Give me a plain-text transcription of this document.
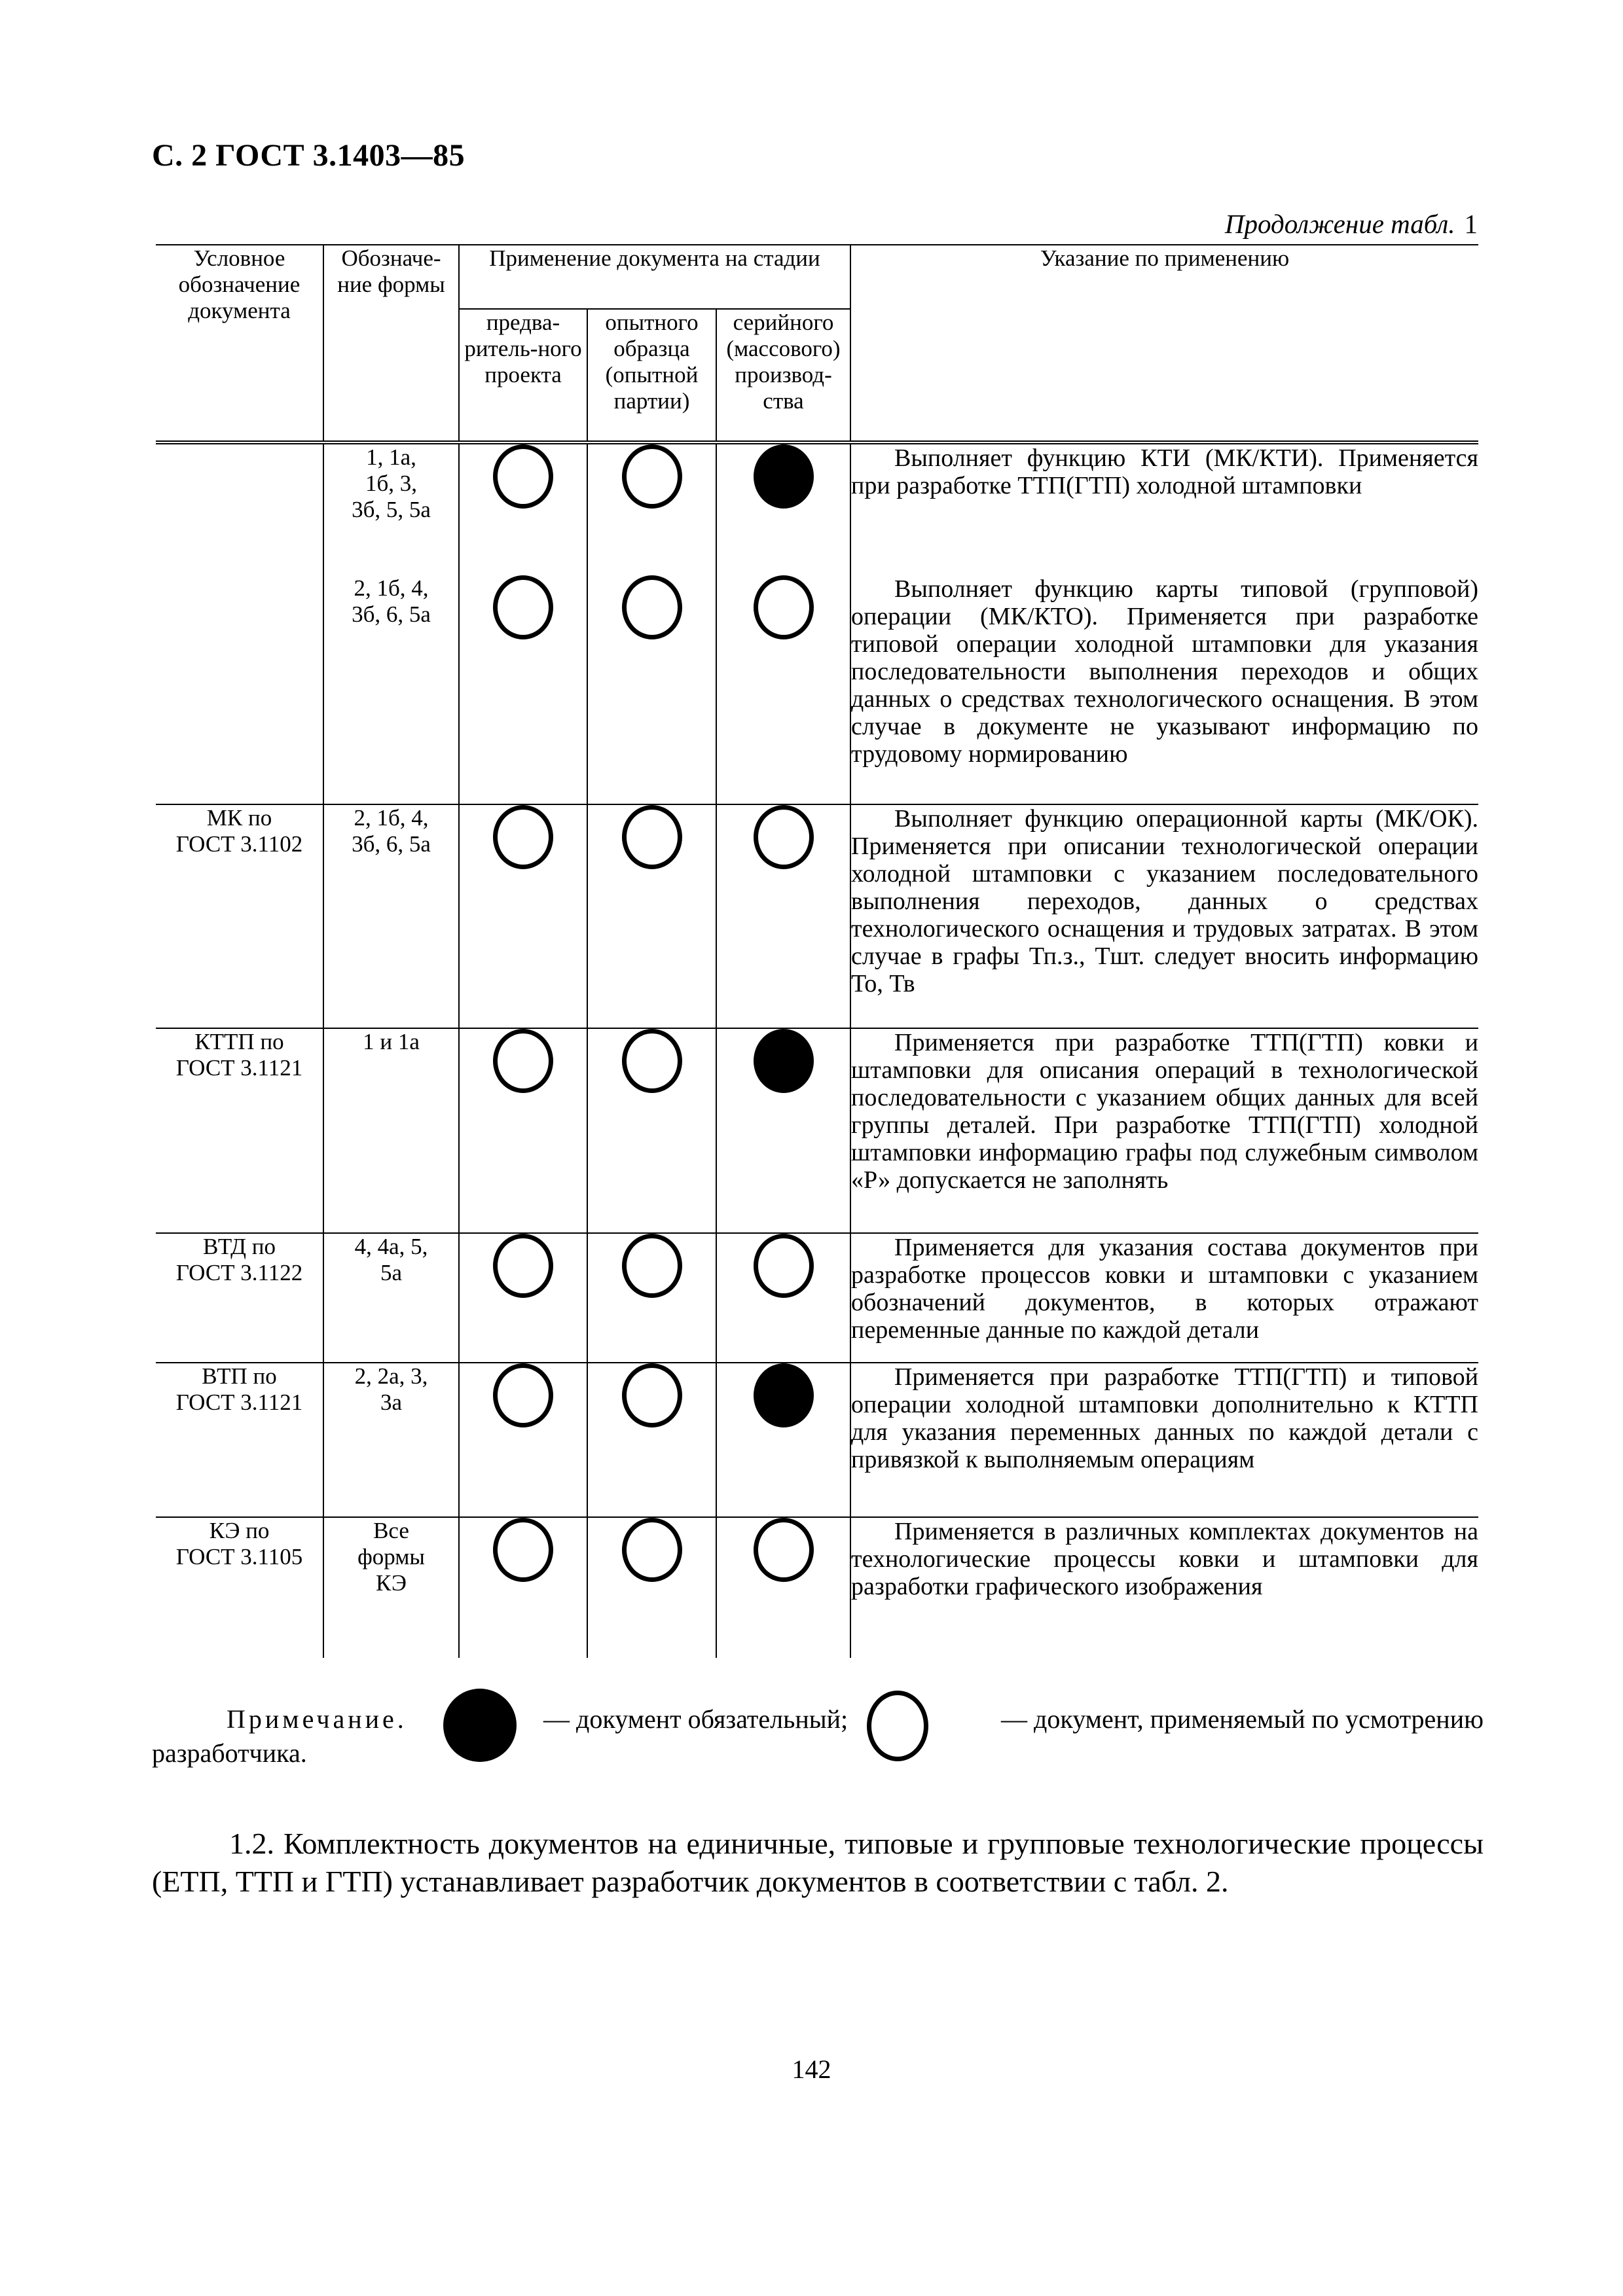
С. 2 ГОСТ 3.1403—85
Продолжение табл. 1
Условное обозначение документа	Обозначе-ние формы	Применение документа на стадии			Указание по применению
		предва-ритель-ного проекта	опытного образца (опытной партии)	серийного (массового) производ-ства	

	1, 1а,
1б, 3,
3б, 5, 5а				Выполняет функцию КТИ (МК/КТИ). Применяется при разработке ТТП(ГТП) холодной штамповки

	2, 1б, 4,
3б, 6, 5а				Выполняет функцию карты типовой (групповой) операции (МК/КТО). Применяется при разработке типовой операции холодной штамповки для указания последовательности выполнения переходов и общих данных о средствах технологического оснащения. В этом случае в документе не указывают информацию по трудовому нормированию

МК по
ГОСТ 3.1102	2, 1б, 4,
3б, 6, 5а				Выполняет функцию операционной карты (МК/ОК). Применяется при описании технологической операции холодной штамповки с указанием последовательного выполнения переходов, данных о средствах технологического оснащения и трудовых затратах. В этом случае в графы Тп.з., Тшт. следует вносить информацию То, Тв

КТТП по
ГОСТ 3.1121	1 и 1а				Применяется при разработке ТТП(ГТП) ковки и штамповки для описания операций в технологической последовательности с указанием общих данных для всей группы деталей. При разработке ТТП(ГТП) холодной штамповки информацию графы под служебным символом «Р» допускается не заполнять

ВТД по
ГОСТ 3.1122	4, 4а, 5,
5а				Применяется для указания состава документов при разработке процессов ковки и штамповки с указанием обозначений документов, в которых отражают переменные данные по каждой детали

ВТП по
ГОСТ 3.1121	2, 2а, 3,
3а				Применяется при разработке ТТП(ГТП) и типовой операции холодной штамповки дополнительно к КТТП для указания переменных данных по каждой детали с привязкой к выполняемым операциям

КЭ по
ГОСТ 3.1105	Все
формы
КЭ				Применяется в различных комплектах документов на технологические процессы ковки и штамповки для разработки графического изображения
Примечание.	— документ обязательный;	— документ, применяемый по усмотрению
разработчика.
1.2. Комплектность документов на единичные, типовые и групповые технологические процессы (ЕТП, ТТП и ГТП) устанавливает разработчик документов в соответствии с табл. 2.
142
